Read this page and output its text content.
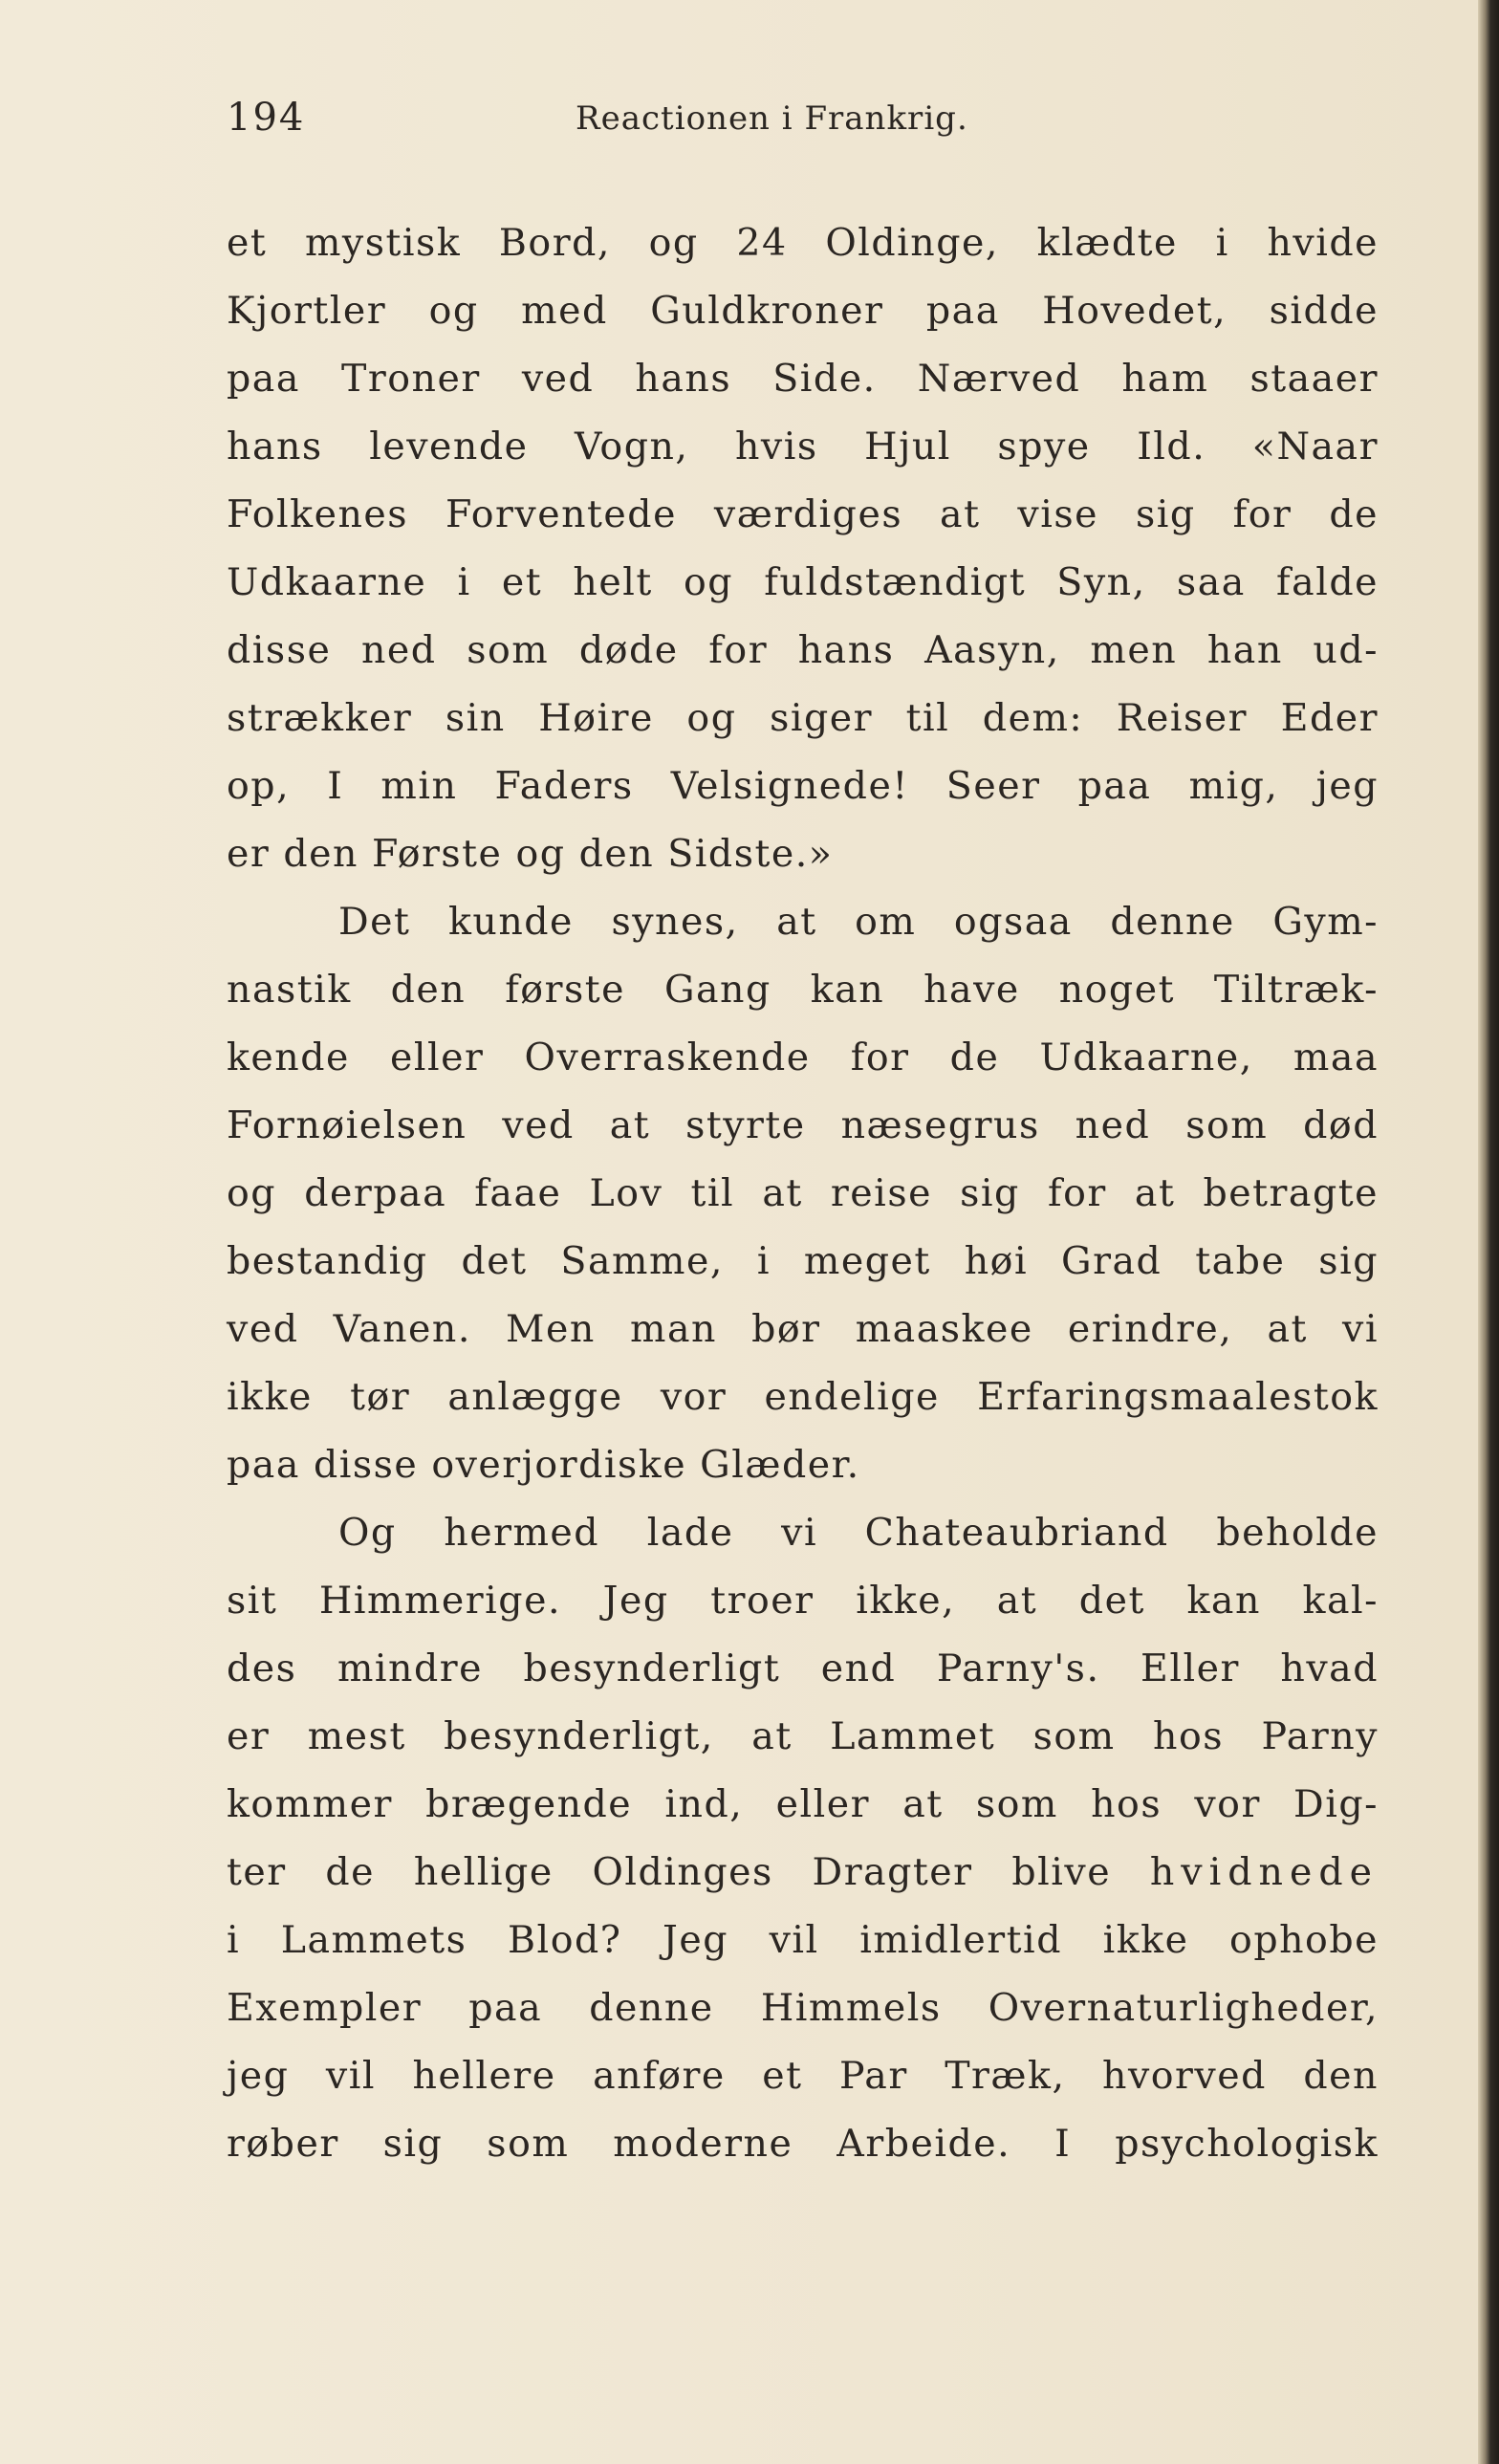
194	Reactionen i Frankrig.
et mystisk Bord, og 24 Oldinge, klædte i hvide
Kjortler og med Guldkroner paa Hovedet, sidde
paa Troner ved hans Side. Nærved ham staaer
hans levende Vogn, hvis Hjul spye Ild. «Naar
Folkenes Forventede værdiges at vise sig for de
Udkaarne i et helt og fuldstændigt Syn, saa falde
disse ned som døde for hans Aasyn, men han ud-
strækker sin Høire og siger til dem: Reiser Eder
op, I min Faders Velsignede! Seer paa mig, jeg
er den Første og den Sidste.»
Det kunde synes, at om ogsaa denne Gym-
nastik den første Gang kan have noget Tiltræk-
kende eller Overraskende for de Udkaarne, maa
Fornøielsen ved at styrte næsegrus ned som død
og derpaa faae Lov til at reise sig for at betragte
bestandig det Samme, i meget høi Grad tabe sig
ved Vanen. Men man bør maaskee erindre, at vi
ikke tør anlægge vor endelige Erfaringsmaalestok
paa disse overjordiske Glæder.
Og hermed lade vi Chateaubriand beholde
sit Himmerige. Jeg troer ikke, at det kan kal-
des mindre besynderligt end Parny's. Eller hvad
er mest besynderligt, at Lammet som hos Parny
kommer brægende ind, eller at som hos vor Dig-
ter de hellige Oldinges Dragter blive hvidnede
i Lammets Blod? Jeg vil imidlertid ikke ophobe
Exempler paa denne Himmels Overnaturligheder,
jeg vil hellere anføre et Par Træk, hvorved den
røber sig som moderne Arbeide. I psychologisk
